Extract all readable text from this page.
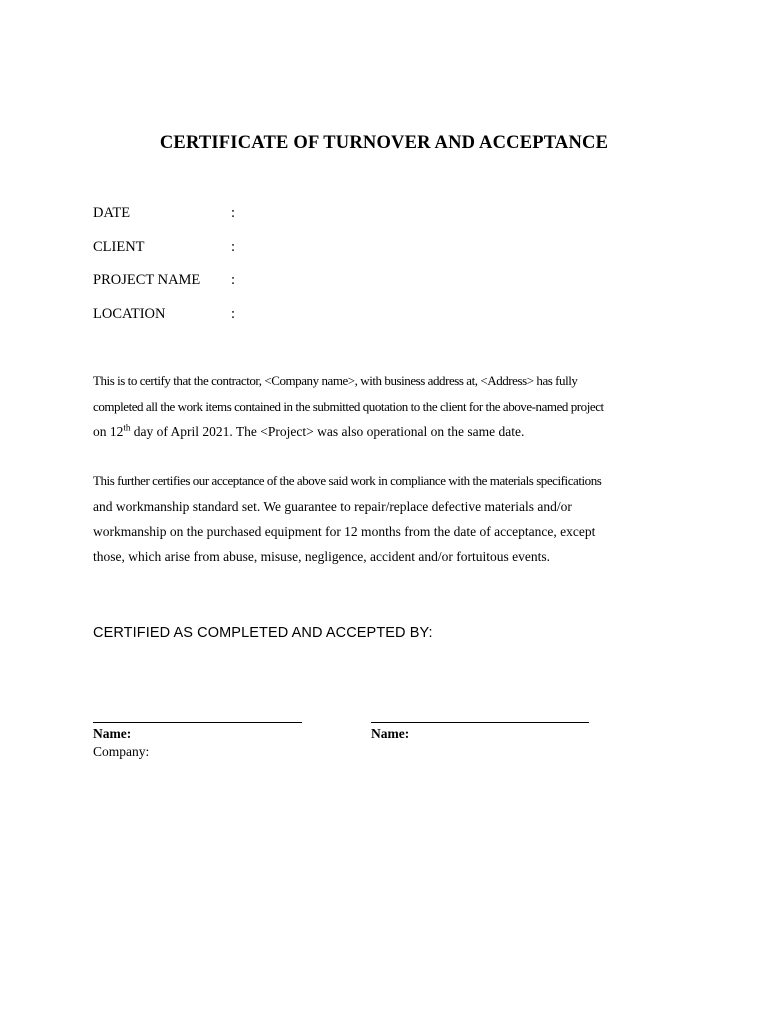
CERTIFICATE OF TURNOVER AND ACCEPTANCE
DATE	:
CLIENT	:
PROJECT NAME :
LOCATION	:
This is to certify that the contractor, <Company name>, with business address at, <Address> has fully
completed all the work items contained in the submitted quotation to the client for the above-named project
on 12th day of April 2021. The <Project> was also operational on the same date.
This further certifies our acceptance of the above said work in compliance with the materials specifications
and workmanship standard set. We guarantee to repair/replace defective materials and/or
workmanship on the purchased equipment for 12 months from the date of acceptance, except
those, which arise from abuse, misuse, negligence, accident and/or fortuitous events.
CERTIFIED AS COMPLETED AND ACCEPTED BY:
Name:
Company:
Name:
